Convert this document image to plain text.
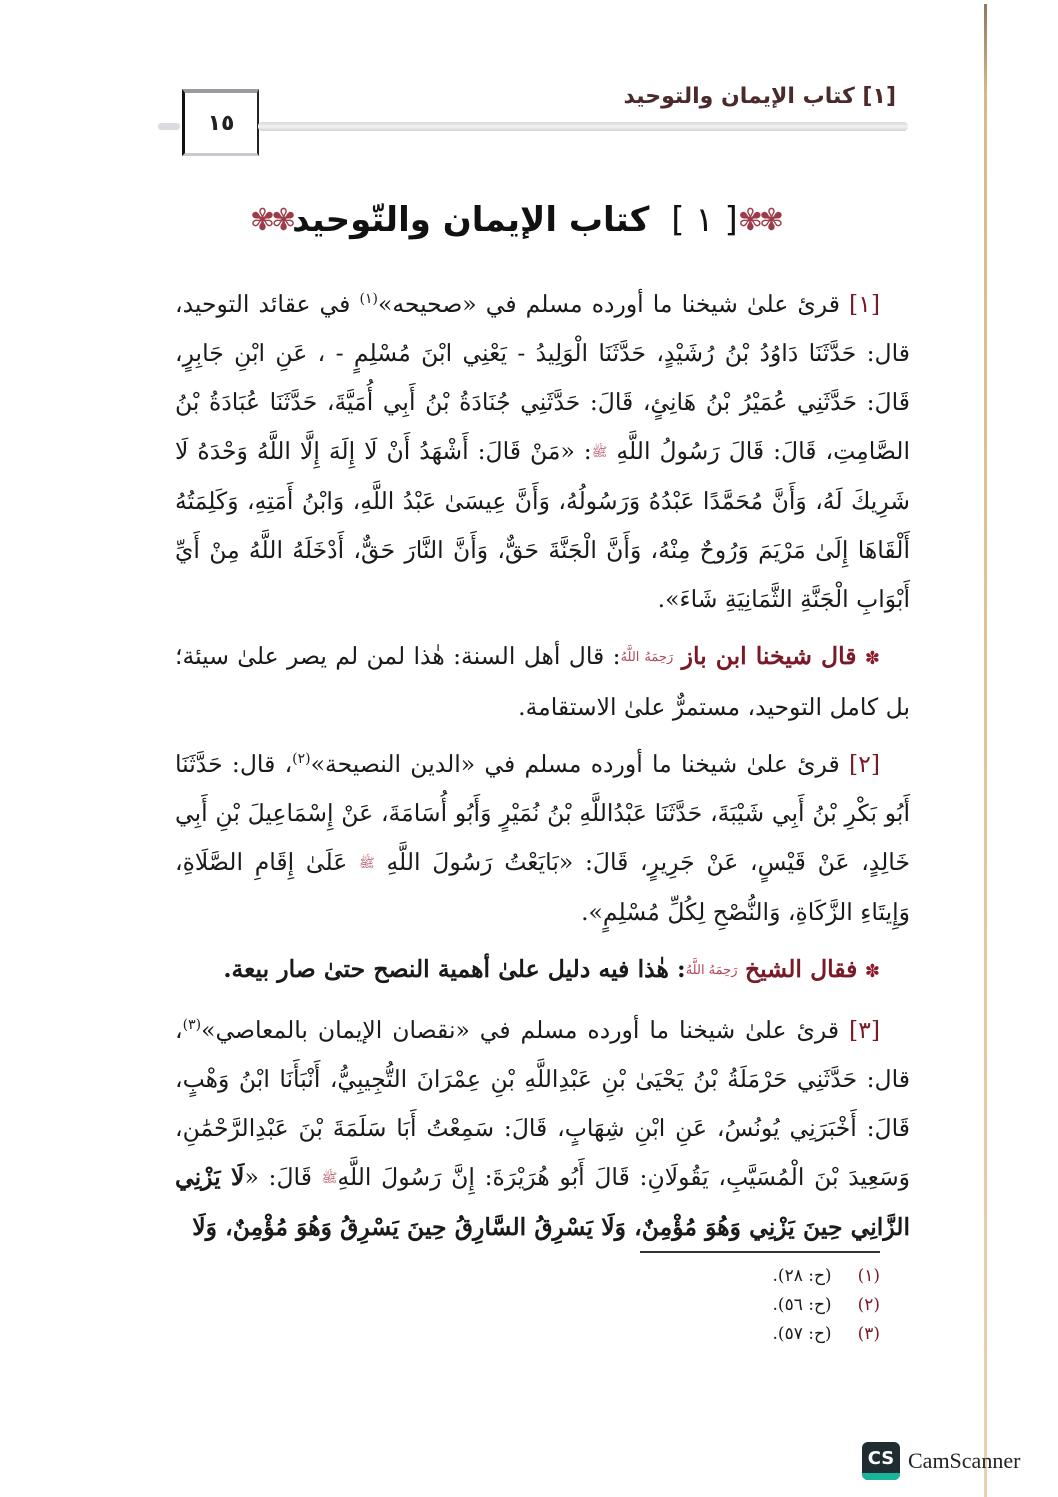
١٥
[١] كتاب الإيمان والتوحيد
✾✾
[ ١ ] كتاب الإيمان والتّوحيد
✾✾

[١] قرئ علىٰ شيخنا ما أورده مسلم في «صحيحه»$^{(١)}$ في عقائد التوحيد، قال: حَدَّثَنَا دَاوُدُ بْنُ رُشَيْدٍ، حَدَّثَنَا الْوَلِيدُ - يَعْنِي ابْنَ مُسْلِمٍ - ، عَنِ ابْنِ جَابِرٍ، قَالَ: حَدَّثَنِي عُمَيْرُ بْنُ هَانِئٍ، قَالَ: حَدَّثَنِي جُنَادَةُ بْنُ أَبِي أُمَيَّةَ، حَدَّثَنَا عُبَادَةُ بْنُ الصَّامِتِ، قَالَ: قَالَ رَسُولُ اللَّهِ ﷺ: «مَنْ قَالَ: أَشْهَدُ أَنْ لَا إِلَهَ إِلَّا اللَّهُ وَحْدَهُ لَا شَرِيكَ لَهُ، وَأَنَّ مُحَمَّدًا عَبْدُهُ وَرَسُولُهُ، وَأَنَّ عِيسَىٰ عَبْدُ اللَّهِ، وَابْنُ أَمَتِهِ، وَكَلِمَتُهُ أَلْقَاهَا إِلَىٰ مَرْيَمَ وَرُوحٌ مِنْهُ، وَأَنَّ الْجَنَّةَ حَقٌّ، وَأَنَّ النَّارَ حَقٌّ، أَدْخَلَهُ اللَّهُ مِنْ أَيِّ أَبْوَابِ الْجَنَّةِ الثَّمَانِيَةِ شَاءَ».

✽ قال شيخنا ابن باز رَحِمَهُ اللَّهُ: قال أهل السنة: هٰذا لمن لم يصر علىٰ سيئة؛ بل كامل التوحيد، مستمرٌّ علىٰ الاستقامة.

[٢] قرئ علىٰ شيخنا ما أورده مسلم في «الدين النصيحة»$^{(٢)}$، قال: حَدَّثَنَا أَبُو بَكْرِ بْنُ أَبِي شَيْبَةَ، حَدَّثَنَا عَبْدُاللَّهِ بْنُ نُمَيْرٍ وَأَبُو أُسَامَةَ، عَنْ إِسْمَاعِيلَ بْنِ أَبِي خَالِدٍ، عَنْ قَيْسٍ، عَنْ جَرِيرٍ، قَالَ: «بَايَعْتُ رَسُولَ اللَّهِ ﷺ عَلَىٰ إِقَامِ الصَّلَاةِ، وَإِيتَاءِ الزَّكَاةِ، وَالنُّصْحِ لِكُلِّ مُسْلِمٍ».

✽ فقال الشيخ رَحِمَهُ اللَّهُ: هٰذا فيه دليل علىٰ أهمية النصح حتىٰ صار بيعة.

[٣] قرئ علىٰ شيخنا ما أورده مسلم في «نقصان الإيمان بالمعاصي»$^{(٣)}$، قال: حَدَّثَنِي حَرْمَلَةُ بْنُ يَحْيَىٰ بْنِ عَبْدِاللَّهِ بْنِ عِمْرَانَ التُّجِيبِيُّ، أَنْبَأَنَا ابْنُ وَهْبٍ، قَالَ: أَخْبَرَنِي يُونُسُ، عَنِ ابْنِ شِهَابٍ، قَالَ: سَمِعْتُ أَبَا سَلَمَةَ بْنَ عَبْدِالرَّحْمَٰنِ، وَسَعِيدَ بْنَ الْمُسَيَّبِ، يَقُولَانِ: قَالَ أَبُو هُرَيْرَةَ: إِنَّ رَسُولَ اللَّهِﷺ قَالَ: «لَا يَزْنِي الزَّانِي حِينَ يَزْنِي وَهُوَ مُؤْمِنٌ، وَلَا يَسْرِقُ السَّارِقُ حِينَ يَسْرِقُ وَهُوَ مُؤْمِنٌ، وَلَا

(١)
(ح: ٢٨).
(٢)
(ح: ٥٦).
(٣)
(ح: ٥٧).
CS CamScanner
